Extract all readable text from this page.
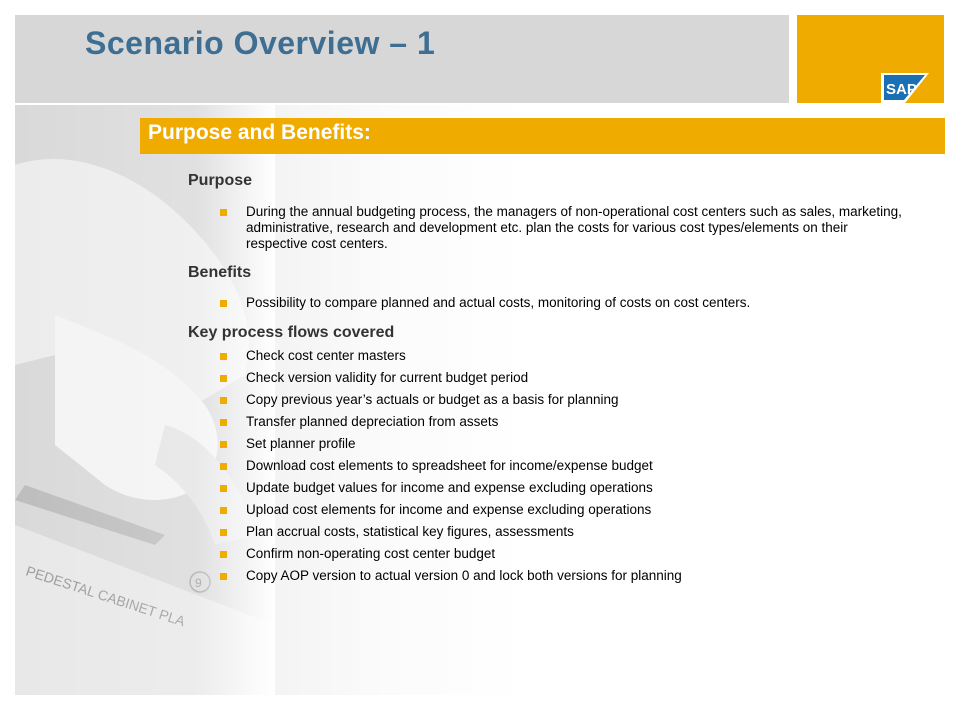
Scenario Overview – 1
SAP
Purpose and Benefits:
Purpose
During the annual budgeting process, the managers of non-operational cost centers such as sales, marketing, administrative, research and development etc. plan the costs for various cost types/elements on their respective cost centers.
Benefits
Possibility to compare planned and actual costs, monitoring of costs on cost centers.
Key process flows covered
Check cost center masters
Check version validity for current budget period
Copy previous year’s actuals or budget as a basis for planning
Transfer planned depreciation from assets
Set planner profile
Download cost elements to spreadsheet for income/expense budget
Update budget values for income and expense excluding operations
Upload cost elements for income and expense excluding operations
Plan accrual costs, statistical key figures, assessments
Confirm non-operating cost center budget
Copy AOP version to actual version 0 and lock both versions for planning
